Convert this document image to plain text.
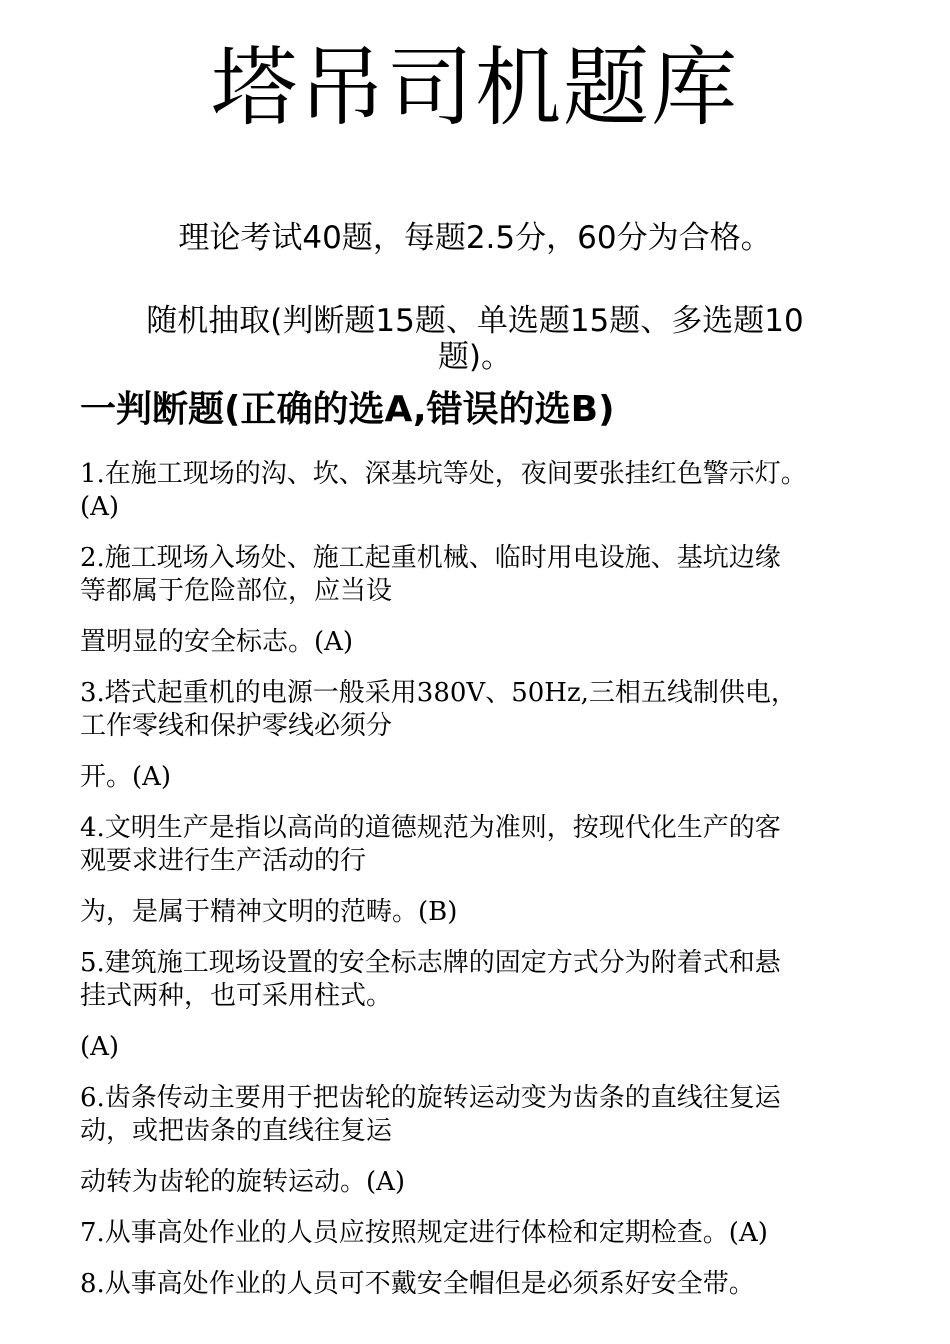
塔吊司机题库

理论考试40题，每题2.5分，60分为合格。

随机抽取(判断题15题、单选题15题、多选题10
题)。
一判断题(正确的选A,错误的选B)

1.在施工现场的沟、坎、深基坑等处，夜间要张挂红色警示灯。

(A)

2.施工现场入场处、施工起重机械、临时用电设施、基坑边缘

等都属于危险部位，应当设

置明显的安全标志。(A)

3.塔式起重机的电源一般采用380V、50Hz,三相五线制供电，

工作零线和保护零线必须分

开。(A)

4.文明生产是指以高尚的道德规范为准则，按现代化生产的客

观要求进行生产活动的行

为，是属于精神文明的范畴。(B)

5.建筑施工现场设置的安全标志牌的固定方式分为附着式和悬

挂式两种，也可采用柱式。

(A)

6.齿条传动主要用于把齿轮的旋转运动变为齿条的直线往复运

动，或把齿条的直线往复运

动转为齿轮的旋转运动。(A)

7.从事高处作业的人员应按照规定进行体检和定期检查。(A)

8.从事高处作业的人员可不戴安全帽但是必须系好安全带。
